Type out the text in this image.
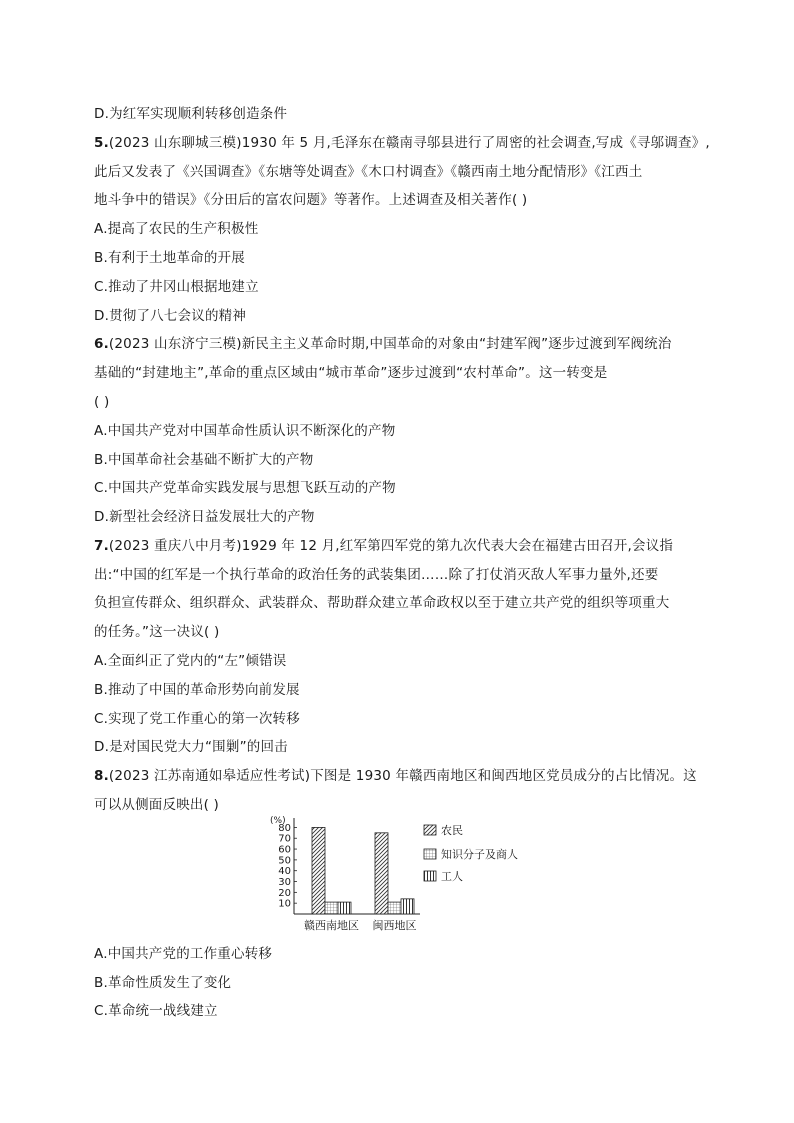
D.为红军实现顺利转移创造条件
5.(2023 山东聊城三模)1930 年 5 月,毛泽东在赣南寻邬县进行了周密的社会调查,写成《寻邬调查》,
此后又发表了《兴国调查》《东塘等处调查》《木口村调查》《赣西南土地分配情形》《江西土
地斗争中的错误》《分田后的富农问题》等著作。上述调查及相关著作( )
A.提高了农民的生产积极性
B.有利于土地革命的开展
C.推动了井冈山根据地建立
D.贯彻了八七会议的精神
6.(2023 山东济宁三模)新民主主义革命时期,中国革命的对象由“封建军阀”逐步过渡到军阀统治
基础的“封建地主”,革命的重点区域由“城市革命”逐步过渡到“农村革命”。这一转变是
( )
A.中国共产党对中国革命性质认识不断深化的产物
B.中国革命社会基础不断扩大的产物
C.中国共产党革命实践发展与思想飞跃互动的产物
D.新型社会经济日益发展壮大的产物
7.(2023 重庆八中月考)1929 年 12 月,红军第四军党的第九次代表大会在福建古田召开,会议指
出:“中国的红军是一个执行革命的政治任务的武装集团……除了打仗消灭敌人军事力量外,还要
负担宣传群众、组织群众、武装群众、帮助群众建立革命政权以至于建立共产党的组织等项重大
的任务。”这一决议( )
A.全面纠正了党内的“左”倾错误
B.推动了中国的革命形势向前发展
C.实现了党工作重心的第一次转移
D.是对国民党大力“围剿”的回击
8.(2023 江苏南通如皋适应性考试)下图是 1930 年赣西南地区和闽西地区党员成分的占比情况。这
可以从侧面反映出( )
A.中国共产党的工作重心转移
B.革命性质发生了变化
C.革命统一战线建立
(%)
10
20
30
40
50
60
70
80
赣西南地区 闽西地区
农民
知识分子及商人
工人
